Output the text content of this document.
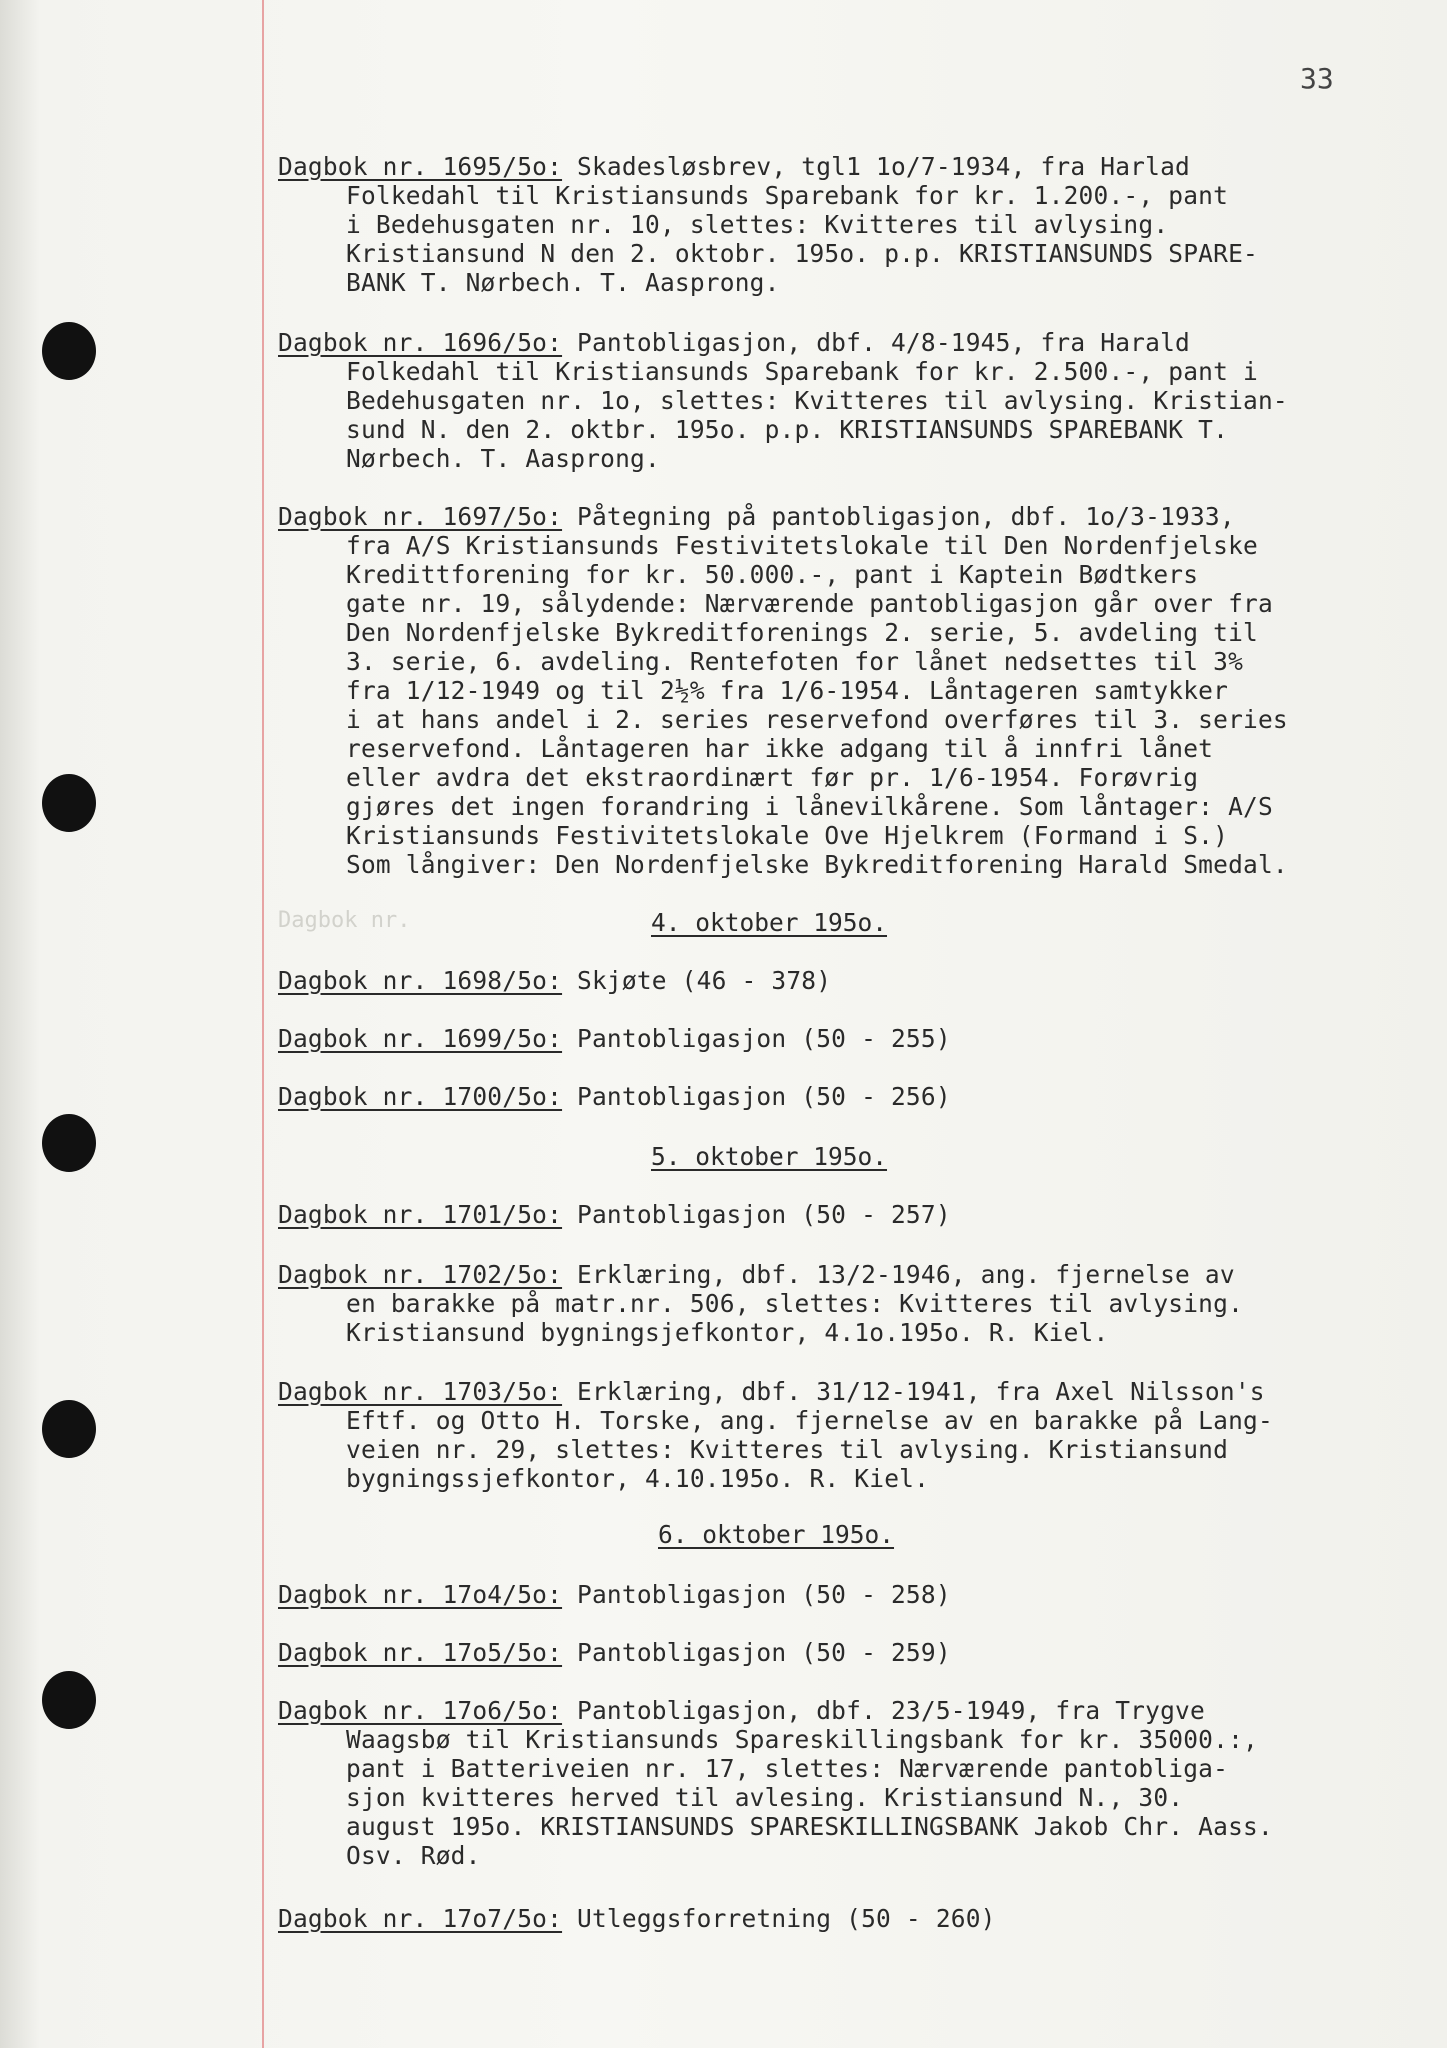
33
Dagbok nr.
Dagbok nr. 1695/5o: Skadesløsbrev, tgl1 1o/7-1934, fra Harlad
Folkedahl til Kristiansunds Sparebank for kr. 1.200.-, pant
i Bedehusgaten nr. 10, slettes: Kvitteres til avlysing.
Kristiansund N den 2. oktobr. 195o. p.p. KRISTIANSUNDS SPARE-
BANK T. Nørbech. T. Aasprong.
Dagbok nr. 1696/5o: Pantobligasjon, dbf. 4/8-1945, fra Harald
Folkedahl til Kristiansunds Sparebank for kr. 2.500.-, pant i
Bedehusgaten nr. 1o, slettes: Kvitteres til avlysing. Kristian-
sund N. den 2. oktbr. 195o. p.p. KRISTIANSUNDS SPAREBANK T.
Nørbech. T. Aasprong.
Dagbok nr. 1697/5o: Påtegning på pantobligasjon, dbf. 1o/3-1933,
fra A/S Kristiansunds Festivitetslokale til Den Nordenfjelske
Kredittforening for kr. 50.000.-, pant i Kaptein Bødtkers
gate nr. 19, sålydende: Nærværende pantobligasjon går over fra
Den Nordenfjelske Bykreditforenings 2. serie, 5. avdeling til
3. serie, 6. avdeling. Rentefoten for lånet nedsettes til 3%
fra 1/12-1949 og til 2½% fra 1/6-1954. Låntageren samtykker
i at hans andel i 2. series reservefond overføres til 3. series
reservefond. Låntageren har ikke adgang til å innfri lånet
eller avdra det ekstraordinært før pr. 1/6-1954. Forøvrig
gjøres det ingen forandring i lånevilkårene. Som låntager: A/S
Kristiansunds Festivitetslokale Ove Hjelkrem (Formand i S.)
Som långiver: Den Nordenfjelske Bykreditforening Harald Smedal.
4. oktober 195o.
Dagbok nr. 1698/5o: Skjøte (46 - 378)
Dagbok nr. 1699/5o: Pantobligasjon (50 - 255)
Dagbok nr. 1700/5o: Pantobligasjon (50 - 256)
5. oktober 195o.
Dagbok nr. 1701/5o: Pantobligasjon (50 - 257)
Dagbok nr. 1702/5o: Erklæring, dbf. 13/2-1946, ang. fjernelse av
en barakke på matr.nr. 506, slettes: Kvitteres til avlysing.
Kristiansund bygningsjefkontor, 4.1o.195o. R. Kiel.
Dagbok nr. 1703/5o: Erklæring, dbf. 31/12-1941, fra Axel Nilsson's
Eftf. og Otto H. Torske, ang. fjernelse av en barakke på Lang-
veien nr. 29, slettes: Kvitteres til avlysing. Kristiansund
bygningssjefkontor, 4.10.195o. R. Kiel.
6. oktober 195o.
Dagbok nr. 17o4/5o: Pantobligasjon (50 - 258)
Dagbok nr. 17o5/5o: Pantobligasjon (50 - 259)
Dagbok nr. 17o6/5o: Pantobligasjon, dbf. 23/5-1949, fra Trygve
Waagsbø til Kristiansunds Spareskillingsbank for kr. 35000.:,
pant i Batteriveien nr. 17, slettes: Nærværende pantobliga-
sjon kvitteres herved til avlesing. Kristiansund N., 30.
august 195o. KRISTIANSUNDS SPARESKILLINGSBANK Jakob Chr. Aass.
Osv. Rød.
Dagbok nr. 17o7/5o: Utleggsforretning (50 - 260)
